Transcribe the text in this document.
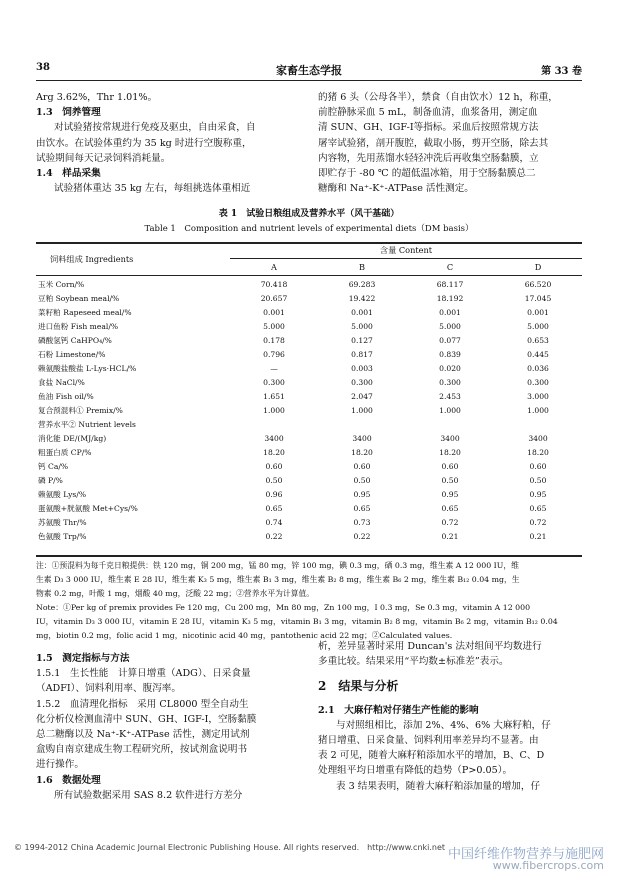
38	家畜生态学报	第 33 卷
Arg 3.62%，Thr 1.01%。
1.3　饲养管理
对试验猪按常规进行免疫及驱虫，自由采食，自
由饮水。在试验体重约为 35 kg 时进行空腹称重，
试验期间每天记录饲料消耗量。
1.4　样品采集
试验猪体重达 35 kg 左右，每组挑选体重相近
的猪 6 头（公母各半），禁食（自由饮水）12 h，称重，
前腔静脉采血 5 mL，制备血清，血浆备用，测定血
清 SUN、GH、IGF-Ⅰ等指标。采血后按照常规方法
屠宰试验猪，剖开腹腔，截取小肠，剪开空肠，除去其
内容物，先用蒸馏水轻轻冲洗后再收集空肠黏膜，立
即贮存于 -80 ℃ 的超低温冰箱，用于空肠黏膜总二
糖酶和 Na⁺-K⁺-ATPase 活性测定。
表 1　试验日粮组成及营养水平（风干基础）
Table 1　Composition and nutrient levels of experimental diets（DM basis）
饲料组成 Ingredients
含量 Content
A	B	C	D
玉米 Corn/%	70.418	69.283	68.117	66.520
豆粕 Soybean meal/%	20.657	19.422	18.192	17.045
菜籽粕 Rapeseed meal/%	0.001	0.001	0.001	0.001
进口鱼粉 Fish meal/%	5.000	5.000	5.000	5.000
磷酸氢钙 CaHPO₄/%	0.178	0.127	0.077	0.653
石粉 Limestone/%	0.796	0.817	0.839	0.445
赖氨酸盐酸盐 L-Lys·HCL/%	—	0.003	0.020	0.036
食盐 NaCl/%	0.300	0.300	0.300	0.300
鱼油 Fish oil/%	1.651	2.047	2.453	3.000
复合预混料① Premix/%	1.000	1.000	1.000	1.000
营养水平② Nutrient levels				
消化能 DE/(MJ/kg)	3400	3400	3400	3400
粗蛋白质 CP/%	18.20	18.20	18.20	18.20
钙 Ca/%	0.60	0.60	0.60	0.60
磷 P/%	0.50	0.50	0.50	0.50
赖氨酸 Lys/%	0.96	0.95	0.95	0.95
蛋氨酸+胱氨酸 Met+Cys/%	0.65	0.65	0.65	0.65
苏氨酸 Thr/%	0.74	0.73	0.72	0.72
色氨酸 Trp/%	0.22	0.22	0.21	0.21
注：①预混料为每千克日粮提供：铁 120 mg，铜 200 mg，锰 80 mg，锌 100 mg，碘 0.3 mg，硒 0.3 mg，维生素 A 12 000 IU，维
生素 D₃ 3 000 IU，维生素 E 28 IU，维生素 K₃ 5 mg，维生素 B₁ 3 mg，维生素 B₂ 8 mg，维生素 B₆ 2 mg，维生素 B₁₂ 0.04 mg，生
物素 0.2 mg，叶酸 1 mg，烟酸 40 mg，泛酸 22 mg；②营养水平为计算值。
Note：①Per kg of premix provides Fe 120 mg，Cu 200 mg，Mn 80 mg，Zn 100 mg，I 0.3 mg，Se 0.3 mg，vitamin A 12 000
IU，vitamin D₃ 3 000 IU，vitamin E 28 IU，vitamin K₃ 5 mg，vitamin B₁ 3 mg，vitamin B₂ 8 mg，vitamin B₆ 2 mg，vitamin B₁₂ 0.04
mg，biotin 0.2 mg，folic acid 1 mg，nicotinic acid 40 mg，pantothenic acid 22 mg；②Calculated values.
1.5　测定指标与方法
1.5.1　生长性能　计算日增重（ADG）、日采食量
（ADFI）、饲料利用率、腹泻率。
1.5.2　血清理化指标　采用 CL8000 型全自动生
化分析仪检测血清中 SUN、GH、IGF-Ⅰ，空肠黏膜
总二糖酶以及 Na⁺-K⁺-ATPase 活性，测定用试剂
盒购自南京建成生物工程研究所，按试剂盒说明书
进行操作。
1.6　数据处理
所有试验数据采用 SAS 8.2 软件进行方差分
析，差异显著时采用 Duncan's 法对组间平均数进行
多重比较。结果采用“平均数±标准差”表示。
2　结果与分析
2.1　大麻仔粕对仔猪生产性能的影响
与对照组相比，添加 2%、4%、6% 大麻籽粕，仔
猪日增重、日采食量、饲料利用率差异均不显著。由
表 2 可见，随着大麻籽粕添加水平的增加，B、C、D
处理组平均日增重有降低的趋势（P>0.05）。
表 3 结果表明，随着大麻籽粕添加量的增加，仔
© 1994-2012 China Academic Journal Electronic Publishing House. All rights reserved.　http://www.cnki.net 中国纤维作物营养与施肥网
www.fibercrops.com
